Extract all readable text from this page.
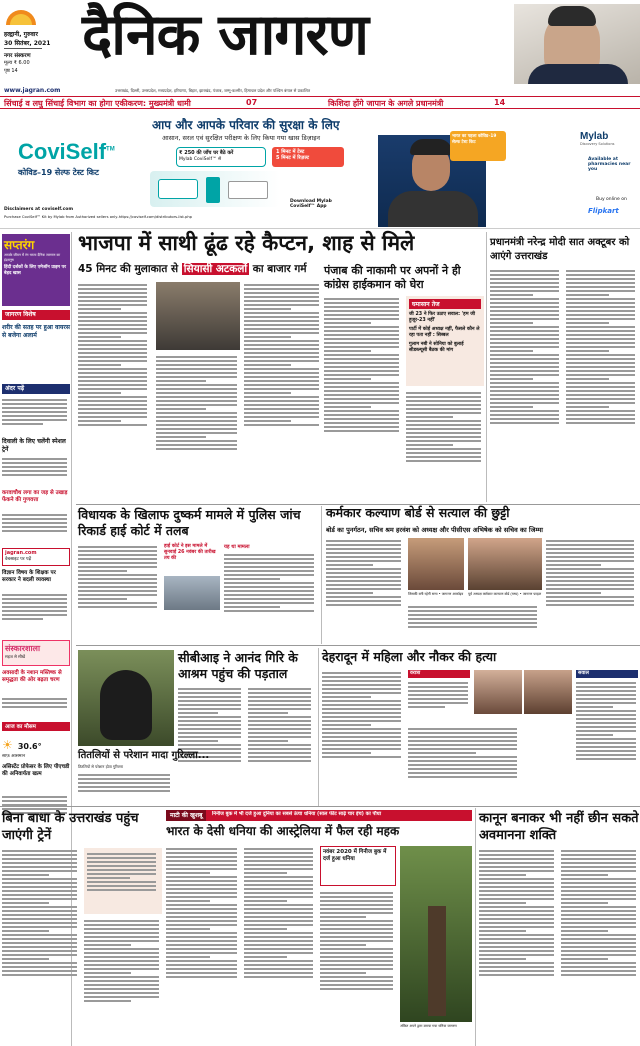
हल्द्वानी, गुरुवार
30 सितंबर, 2021
नगर संस्करण
मूल्य ₹ 6.00
पृष्ठ 14
दैनिक जागरण
www.jagran.com	उत्तराखंड, दिल्ली, उत्तरप्रदेश, मध्यप्रदेश, हरियाणा, बिहार, झारखंड, पंजाब, जम्मू-कश्मीर, हिमाचल प्रदेश और पश्चिम बंगाल से प्रकाशित
सिंचाई व लघु सिंचाई विभाग का होगा एकीकरण: मुख्यमंत्री धामी	07	किशिदा होंगे जापान के अगले प्रधानमंत्री	14
CoviSelf™
कोविड–19 सेल्फ टेस्ट किट
आप और आपके परिवार की सुरक्षा के लिए
आसान, सरल एवं सुरक्षित परीक्षण के लिए किया गया खास डिज़ाइन
₹ 250 की जाँच घर बैठे करें
Mylab CoviSelf™ से
1 मिनट में टेस्ट
5 मिनट में रिज़ल्ट
Download Mylab CoviSelf™ App
भारत का पहला कोविड–19 सेल्फ टेस्ट किट
Mylab
Discovery Solutions
Available at pharmacies near you
Buy online on
Flipkart
Disclaimers at coviself.com
Purchase CoviSelf™ Kit by Mylab from Authorized sellers only-https://coviself.com/distributors-list.php
सप्तरंग
आपके जीवन में रंग भरता दैनिक जागरण का इंद्रधनुष
हिंदी दर्शकों के लिए एमेजॉन प्राइम पर बेहद खास
जागरण विशेष
शरीर की सतह पर हुआ वायरस से बजेगा अलार्म

अंदर पढ़ें
दिवाली के लिए चलेंगी स्पेशल ट्रेनें
करवाचौथ लगा का जड़ से उखाड़ फेंकने की गुणवत्ता
jagran.com
वेबसाइट पर पढ़ें
विज्ञान विषय के शिक्षक पर सरकार ने बदली व्यवस्था
संस्कारशाला
सहज से सीखें
अवसादी के नशान मस्तिष्क से समृद्धता की ओर बढ़ता चरण
आज का मौसम
☀ 30.6°
साफ़ आसमान
असिस्टेंट प्रोफेसर के लिए पीएचडी की अनिवार्यता खत्म
भाजपा में साथी ढूंढ रहे कैप्टन, शाह से मिले
45 मिनट की मुलाकात से सियासी अटकलों का बाजार गर्म	पंजाब की नाकामी पर अपनों ने ही कांग्रेस हाईकमान को घेरा
घमासान तेज
जी 23 ने फिर उठाए सवाल: 'हम जी हुजूर-23 नहीं'
पार्टी में कोई अध्यक्ष नहीं, फैसले कौन ले रहा पता नहीं : सिब्बल
गुलाम नबी ने सोनिया को बुलाई सीडब्ल्यूसी बैठक की मांग
प्रधानमंत्री नरेन्द्र मोदी सात अक्टूबर को आएंगे उत्तराखंड
विधायक के खिलाफ दुष्कर्म मामले में पुलिस जांच रिकार्ड हाई कोर्ट में तलब
हाई कोर्ट ने इस मामले में सुनवाई 26 नवंबर की तारीख तय की
यह था मामला
कर्मकार कल्याण बोर्ड से सत्याल की छुट्टी
बोर्ड का पुनर्गठन, सचिव श्रम हरवंश को अध्यक्ष और पीसीएस अभिषेक को सचिव का जिम्मा
जिसकी बनी रहेगी सत्ता • जागरण आर्काइव पूर्व अध्यक्ष कर्मकार कल्याण बोर्ड (मध्य) • जागरण फाइल
सीबीआइ ने आनंद गिरि के आश्रम पहुंच की पड़ताल
तितलियों से परेशान मादा गुरिल्ला...
तितलियों से परेशान होता गुरिल्ला
देहरादून में महिला और नौकर की हत्या
वरात्रा	सवाल
बिना बाधा के उत्तराखंड पहुंच जाएंगी ट्रेनें
माटी की खुशबू	निनीज बुक में भी दर्ज हुआ दुनिया का सबसे ऊंचा धनिया (साल फीट साढ़े चार इंच) का पौधा
भारत के देसी धनिया की आस्ट्रेलिया में फैल रही महक
नवंबर 2020 में गिनीज बुक में दर्ज हुआ धनिया
अंकित अपने द्वारा उगाया गया धनिया जागरण
कानून बनाकर भी नहीं छीन सकते अवमानना शक्ति
